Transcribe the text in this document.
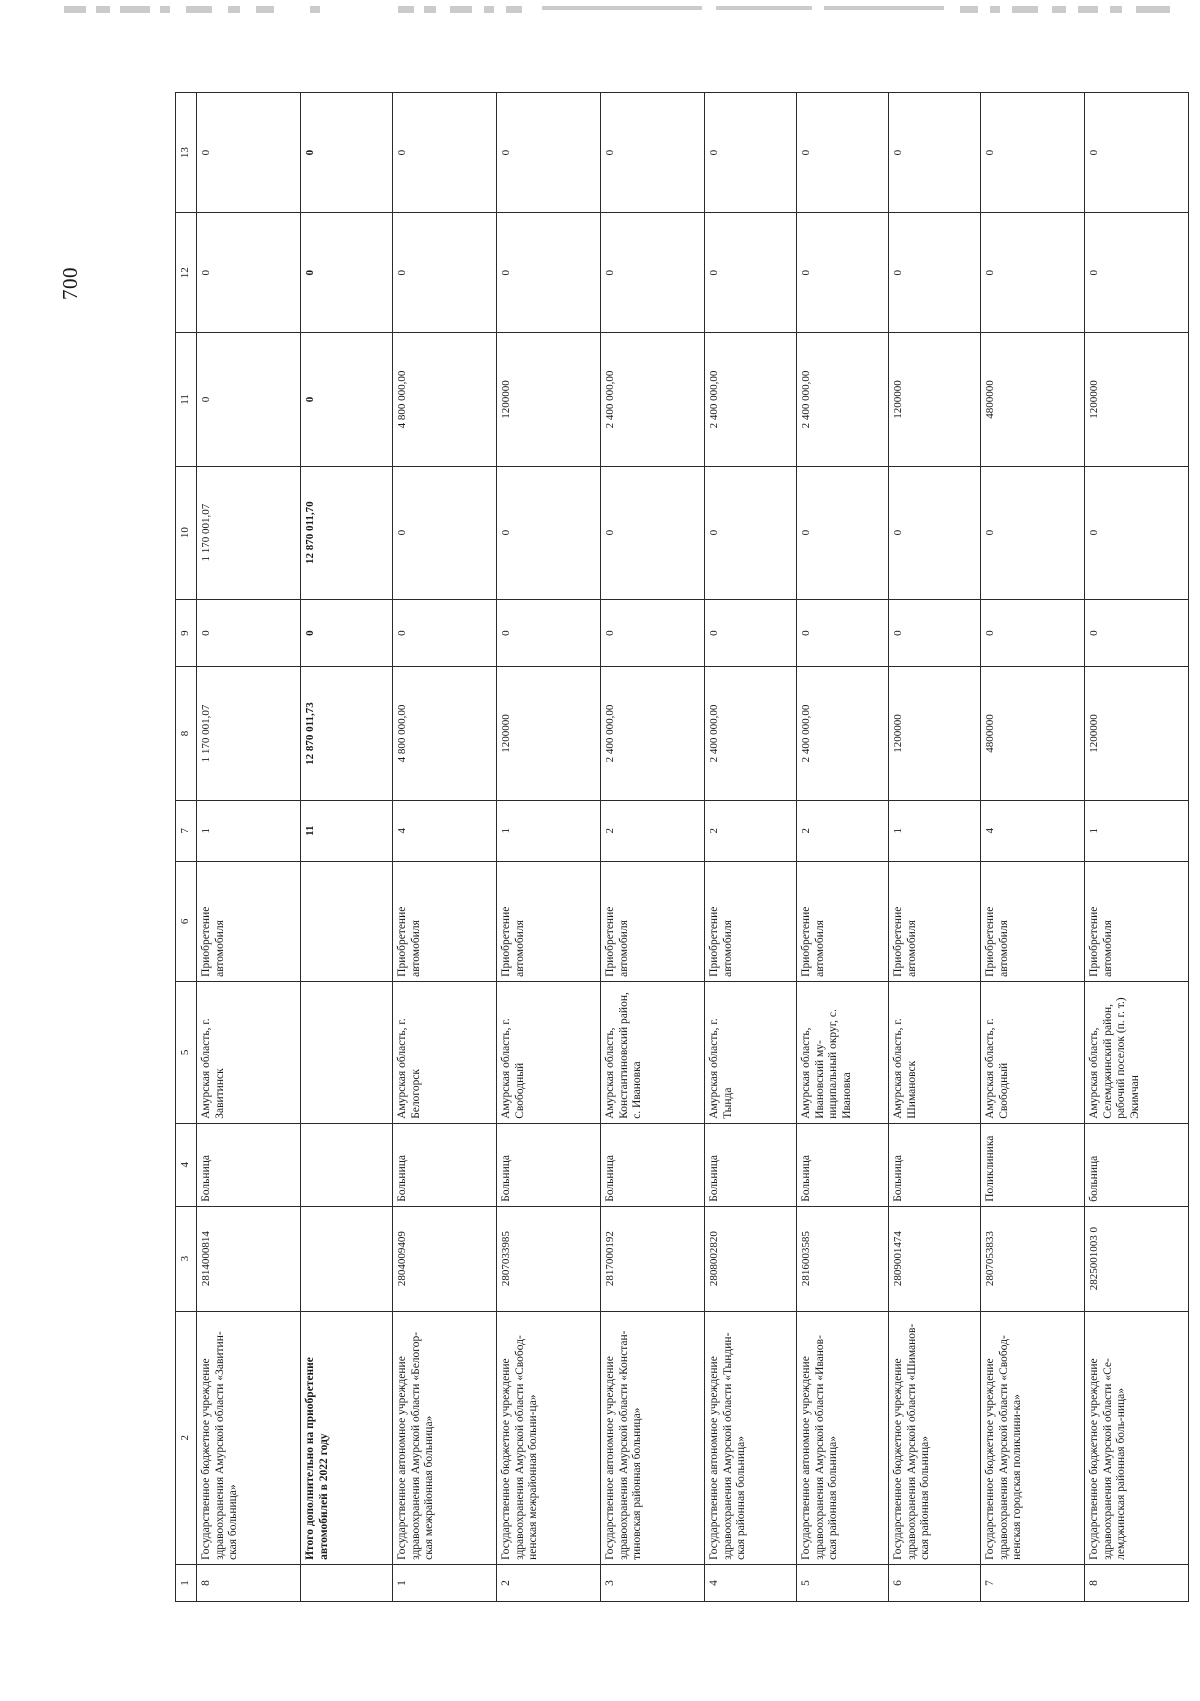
700
1	2	3	4	5	6	7	8	9	10	11	12	13
8	Государственное бюджетное учреждение здравоохранения Амурской области «Завитин-ская больница»	2814000814	Больница	Амурская область, г. Завитинск	Приобретение автомобиля	1	1 170 001,07	0	1 170 001,07	0	0	0
	Итого дополнительно на приобретение автомобилей в 2022 году					11	12 870 011,73	0	12 870 011,70	0	0	0
1	Государственное автономное учреждение здравоохранения Амурской области «Белогор-ская межрайонная больница»	2804009409	Больница	Амурская область, г. Белогорск	Приобретение автомобиля	4	4 800 000,00	0	0	4 800 000,00	0	0
2	Государственное бюджетное учреждение здравоохранения Амурской области «Свобод-ненская межрайонная больни-ца»	2807033985	Больница	Амурская область, г. Свободный	Приобретение автомобиля	1	1200000	0	0	1200000	0	0
3	Государственное автономное учреждение здравоохранения Амурской области «Констан-тиновская районная больница»	2817000192	Больница	Амурская область, Константиновский район, с. Ивановка	Приобретение автомобиля	2	2 400 000,00	0	0	2 400 000,00	0	0
4	Государственное автономное учреждение здравоохранения Амурской области «Тындин-ская районная больница»	2808002820	Больница	Амурская область, г. Тында	Приобретение автомобиля	2	2 400 000,00	0	0	2 400 000,00	0	0
5	Государственное автономное учреждение здравоохранения Амурской области «Иванов-ская районная больница»	2816003585	Больница	Амурская область, Ивановский му-ниципальный округ, с. Ивановка	Приобретение автомобиля	2	2 400 000,00	0	0	2 400 000,00	0	0
6	Государственное бюджетное учреждение здравоохранения Амурской области «Шиманов-ская районная больница»	2809001474	Больница	Амурская область, г. Шимановск	Приобретение автомобиля	1	1200000	0	0	1200000	0	0
7	Государственное бюджетное учреждение здравоохранения Амурской области «Свобод-ненская городская поликлини-ка»	2807053833	Поликлиника	Амурская область, г. Свободный	Приобретение автомобиля	4	4800000	0	0	4800000	0	0
8	Государственное бюджетное учреждение здравоохранения Амурской области «Се-лемджинская районная боль-ница»	2825001003 0	больница	Амурская область, Селемджинский район, рабочий поселок (п. г. т.) Экимчан	Приобретение автомобиля	1	1200000	0	0	1200000	0	0
